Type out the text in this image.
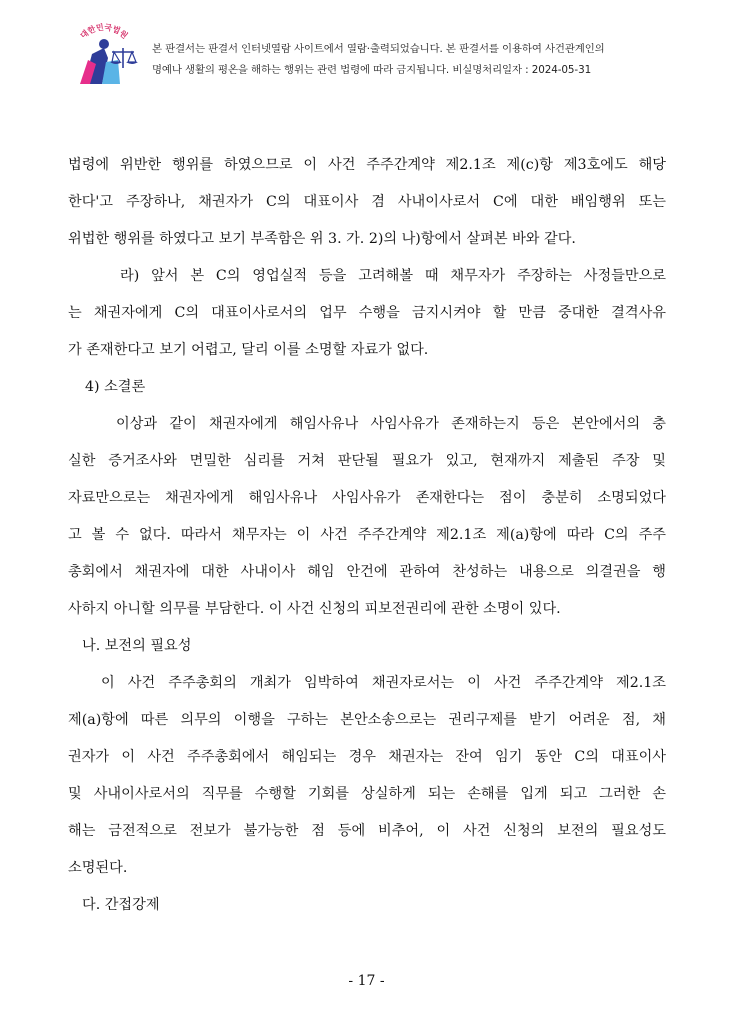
대한민국법원
본 판결서는 판결서 인터넷열람 사이트에서 열람·출력되었습니다. 본 판결서를 이용하여 사건관계인의
명예나 생활의 평온을 해하는 행위는 관련 법령에 따라 금지됩니다. 비실명처리일자 : 2024-05-31
법령에 위반한 행위를 하였으므로 이 사건 주주간계약 제2.1조 제(c)항 제3호에도 해당
한다'고 주장하나, 채권자가 C의 대표이사 겸 사내이사로서 C에 대한 배임행위 또는
위법한 행위를 하였다고 보기 부족함은 위 3. 가. 2)의 나)항에서 살펴본 바와 같다.
라) 앞서 본 C의 영업실적 등을 고려해볼 때 채무자가 주장하는 사정들만으로
는 채권자에게 C의 대표이사로서의 업무 수행을 금지시켜야 할 만큼 중대한 결격사유
가 존재한다고 보기 어렵고, 달리 이를 소명할 자료가 없다.
4) 소결론
이상과 같이 채권자에게 해임사유나 사임사유가 존재하는지 등은 본안에서의 충
실한 증거조사와 면밀한 심리를 거쳐 판단될 필요가 있고, 현재까지 제출된 주장 및
자료만으로는 채권자에게 해임사유나 사임사유가 존재한다는 점이 충분히 소명되었다
고 볼 수 없다. 따라서 채무자는 이 사건 주주간계약 제2.1조 제(a)항에 따라 C의 주주
총회에서 채권자에 대한 사내이사 해임 안건에 관하여 찬성하는 내용으로 의결권을 행
사하지 아니할 의무를 부담한다. 이 사건 신청의 피보전권리에 관한 소명이 있다.
나. 보전의 필요성
이 사건 주주총회의 개최가 임박하여 채권자로서는 이 사건 주주간계약 제2.1조
제(a)항에 따른 의무의 이행을 구하는 본안소송으로는 권리구제를 받기 어려운 점, 채
권자가 이 사건 주주총회에서 해임되는 경우 채권자는 잔여 임기 동안 C의 대표이사
및 사내이사로서의 직무를 수행할 기회를 상실하게 되는 손해를 입게 되고 그러한 손
해는 금전적으로 전보가 불가능한 점 등에 비추어, 이 사건 신청의 보전의 필요성도
소명된다.
다. 간접강제
- 17 -
